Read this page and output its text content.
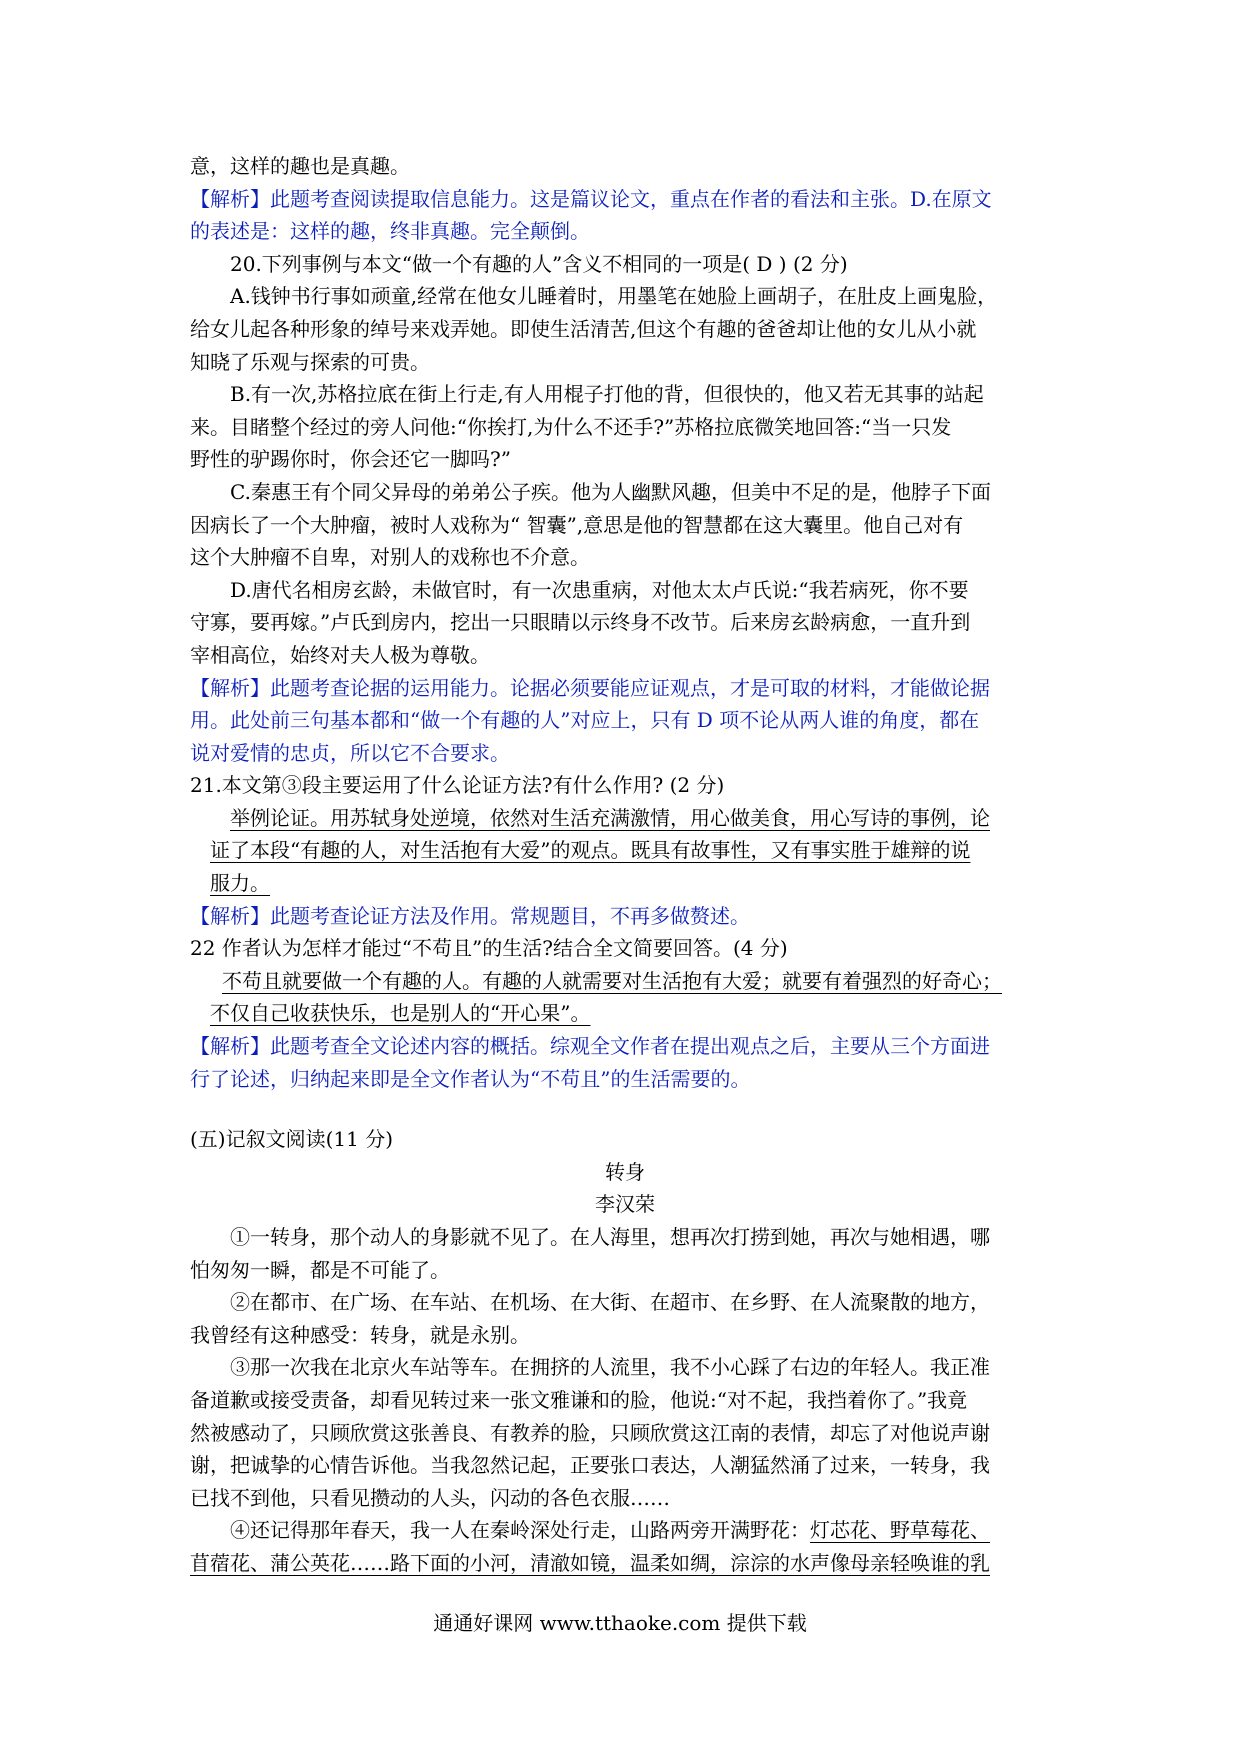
意，这样的趣也是真趣。

【解析】此题考查阅读提取信息能力。这是篇议论文，重点在作者的看法和主张。D.在原文

的表述是：这样的趣，终非真趣。完全颠倒。

20.下列事例与本文“做一个有趣的人”含义不相同的一项是( D ) (2 分)

A.钱钟书行事如顽童,经常在他女儿睡着时，用墨笔在她脸上画胡子，在肚皮上画鬼脸，

给女儿起各种形象的绰号来戏弄她。即使生活清苦,但这个有趣的爸爸却让他的女儿从小就

知晓了乐观与探索的可贵。

B.有一次,苏格拉底在街上行走,有人用棍子打他的背，但很快的，他又若无其事的站起

来。目睹整个经过的旁人问他:“你挨打,为什么不还手?”苏格拉底微笑地回答:“当一只发

野性的驴踢你时，你会还它一脚吗?”

C.秦惠王有个同父异母的弟弟公子疾。他为人幽默风趣，但美中不足的是，他脖子下面

因病长了一个大肿瘤，被时人戏称为“ 智囊”,意思是他的智慧都在这大囊里。他自己对有

这个大肿瘤不自卑，对别人的戏称也不介意。

D.唐代名相房玄龄，未做官时，有一次患重病，对他太太卢氏说:“我若病死，你不要

守寡，要再嫁。”卢氏到房内，挖出一只眼睛以示终身不改节。后来房玄龄病愈，一直升到

宰相高位，始终对夫人极为尊敬。

【解析】此题考查论据的运用能力。论据必须要能应证观点，才是可取的材料，才能做论据

用。此处前三句基本都和“做一个有趣的人”对应上，只有 D 项不论从两人谁的角度，都在

说对爱情的忠贞，所以它不合要求。

21.本文第③段主要运用了什么论证方法?有什么作用? (2 分)

举例论证。用苏轼身处逆境，依然对生活充满激情，用心做美食，用心写诗的事例，论

证了本段“有趣的人，对生活抱有大爱”的观点。既具有故事性，又有事实胜于雄辩的说

服力。

【解析】此题考查论证方法及作用。常规题目，不再多做赘述。

22 作者认为怎样才能过“不苟且”的生活?结合全文简要回答。(4 分)

不苟且就要做一个有趣的人。有趣的人就需要对生活抱有大爱；就要有着强烈的好奇心；

不仅自己收获快乐，也是别人的“开心果”。

【解析】此题考查全文论述内容的概括。综观全文作者在提出观点之后，主要从三个方面进

行了论述，归纳起来即是全文作者认为“不苟且”的生活需要的。

(五)记叙文阅读(11 分)

转身

李汉荣

①一转身，那个动人的身影就不见了。在人海里，想再次打捞到她，再次与她相遇，哪

怕匆匆一瞬，都是不可能了。

②在都市、在广场、在车站、在机场、在大街、在超市、在乡野、在人流聚散的地方，

我曾经有这种感受：转身，就是永别。

③那一次我在北京火车站等车。在拥挤的人流里，我不小心踩了右边的年轻人。我正准

备道歉或接受责备，却看见转过来一张文雅谦和的脸，他说:“对不起，我挡着你了。”我竟

然被感动了，只顾欣赏这张善良、有教养的脸，只顾欣赏这江南的表情，却忘了对他说声谢

谢，把诚挚的心情告诉他。当我忽然记起，正要张口表达，人潮猛然涌了过来，一转身，我

已找不到他，只看见攒动的人头，闪动的各色衣服……

④还记得那年春天，我一人在秦岭深处行走，山路两旁开满野花：灯芯花、野草莓花、

苜蓿花、蒲公英花……路下面的小河，清澈如镜，温柔如绸，淙淙的水声像母亲轻唤谁的乳

通通好课网 www.tthaoke.com 提供下载
